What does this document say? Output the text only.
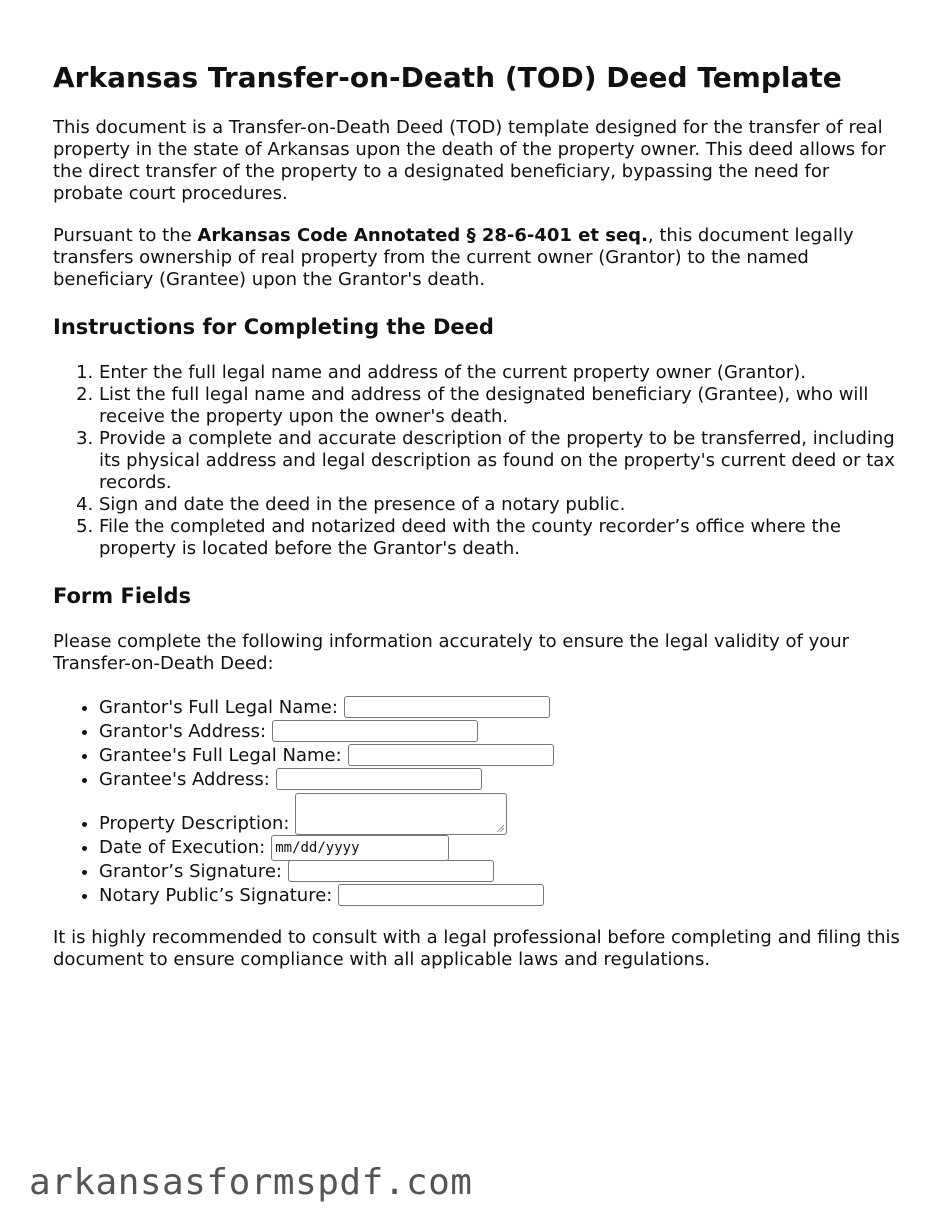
Arkansas Transfer-on-Death (TOD) Deed Template

This document is a Transfer-on-Death Deed (TOD) template designed for the transfer of real property in the state of Arkansas upon the death of the property owner. This deed allows for the direct transfer of the property to a designated beneficiary, bypassing the need for probate court procedures.

Pursuant to the Arkansas Code Annotated § 28-6-401 et seq., this document legally transfers ownership of real property from the current owner (Grantor) to the named beneficiary (Grantee) upon the Grantor's death.

Instructions for Completing the Deed
1. Enter the full legal name and address of the current property owner (Grantor).
2. List the full legal name and address of the designated beneficiary (Grantee), who will receive the property upon the owner's death.
3. Provide a complete and accurate description of the property to be transferred, including its physical address and legal description as found on the property's current deed or tax records.
4. Sign and date the deed in the presence of a notary public.
5. File the completed and notarized deed with the county recorder’s office where the property is located before the Grantor's death.
Form Fields

Please complete the following information accurately to ensure the legal validity of your Transfer-on-Death Deed:

• Grantor's Full Legal Name:
• Grantor's Address:
• Grantee's Full Legal Name:
• Grantee's Address:
• Property Description:
• Date of Execution: mm/dd/yyyy
• Grantor’s Signature:
• Notary Public’s Signature:

It is highly recommended to consult with a legal professional before completing and filing this document to ensure compliance with all applicable laws and regulations.

arkansasformspdf.com
